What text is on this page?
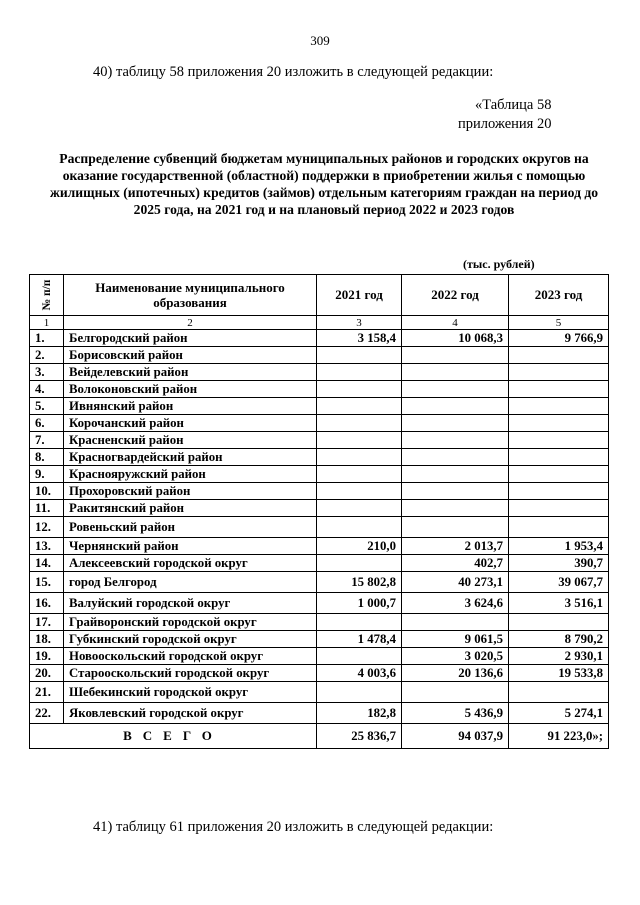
309
40) таблицу 58 приложения 20 изложить в следующей редакции:
«Таблица 58
приложения 20
Распределение субвенций бюджетам муниципальных районов и городских округов на оказание государственной (областной) поддержки в приобретении жилья с помощью жилищных (ипотечных) кредитов (займов) отдельным категориям граждан на период до 2025 года, на 2021 год и на плановый период 2022 и 2023 годов
(тыс. рублей)
№ п/п	Наименование муниципального образования	2021 год	2022 год	2023 год
1	2	3	4	5
1.	Белгородский район	3 158,4	10 068,3	9 766,9
2.	Борисовский район			
3.	Вейделевский район			
4.	Волоконовский район			
5.	Ивнянский район			
6.	Корочанский район			
7.	Красненский район			
8.	Красногвардейский район			
9.	Краснояружский район			
10.	Прохоровский район			
11.	Ракитянский район			
12.	Ровеньский район			
13.	Чернянский район	210,0	2 013,7	1 953,4
14.	Алексеевский городской округ		402,7	390,7
15.	город Белгород	15 802,8	40 273,1	39 067,7
16.	Валуйский городской округ	1 000,7	3 624,6	3 516,1
17.	Грайворонский городской округ			
18.	Губкинский городской округ	1 478,4	9 061,5	8 790,2
19.	Новооскольский городской округ		3 020,5	2 930,1
20.	Старооскольский городской округ	4 003,6	20 136,6	19 533,8
21.	Шебекинский городской округ			
22.	Яковлевский городской округ	182,8	5 436,9	5 274,1
ВСЕГО		25 836,7	94 037,9	91 223,0»;
41) таблицу 61 приложения 20 изложить в следующей редакции:
